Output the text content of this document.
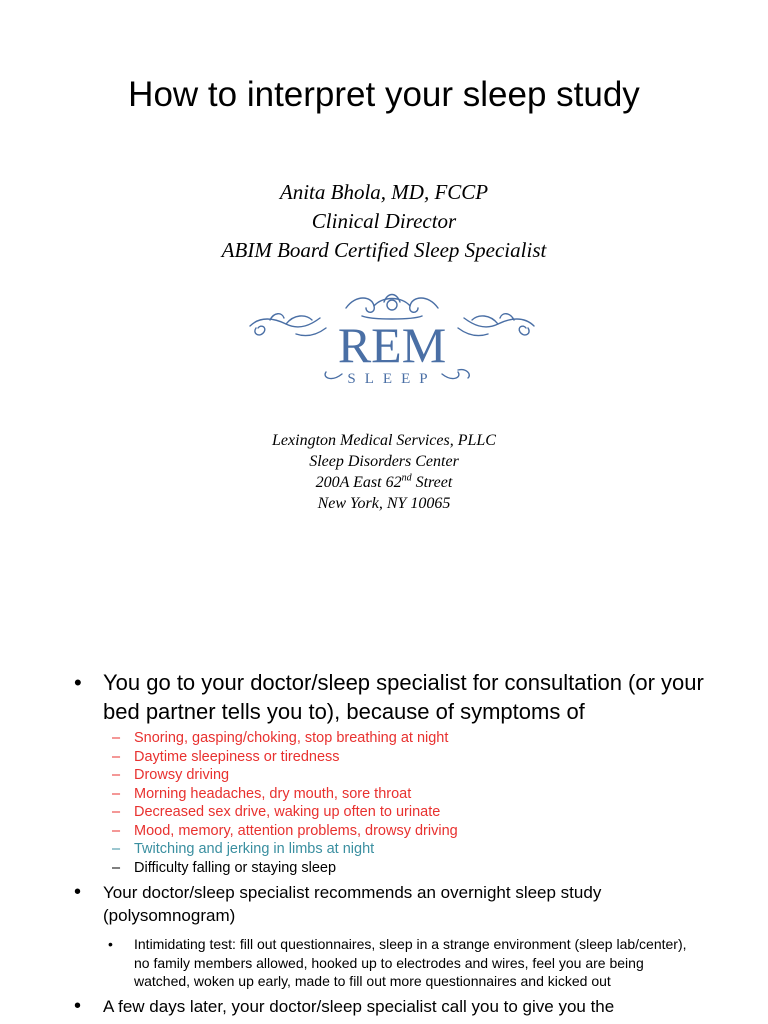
How to interpret your sleep study
Anita Bhola, MD, FCCP
Clinical Director
ABIM Board Certified Sleep Specialist
REM
SLEEP
Lexington Medical Services, PLLC
Sleep Disorders Center
200A East 62nd Street
New York, NY 10065
• You go to your doctor/sleep specialist for consultation (or your bed partner tells you to), because of symptoms of
– Snoring, gasping/choking, stop breathing at night
– Daytime sleepiness or tiredness
– Drowsy driving
– Morning headaches, dry mouth, sore throat
– Decreased sex drive, waking up often to urinate
– Mood, memory, attention problems, drowsy driving
– Twitching and jerking in limbs at night
– Difficulty falling or staying sleep
• Your doctor/sleep specialist recommends an overnight sleep study (polysomnogram)
• Intimidating test: fill out questionnaires, sleep in a strange environment (sleep lab/center), no family members allowed, hooked up to electrodes and wires, feel you are being watched, woken up early, made to fill out more questionnaires and kicked out
• A few days later, your doctor/sleep specialist call you to give you the
